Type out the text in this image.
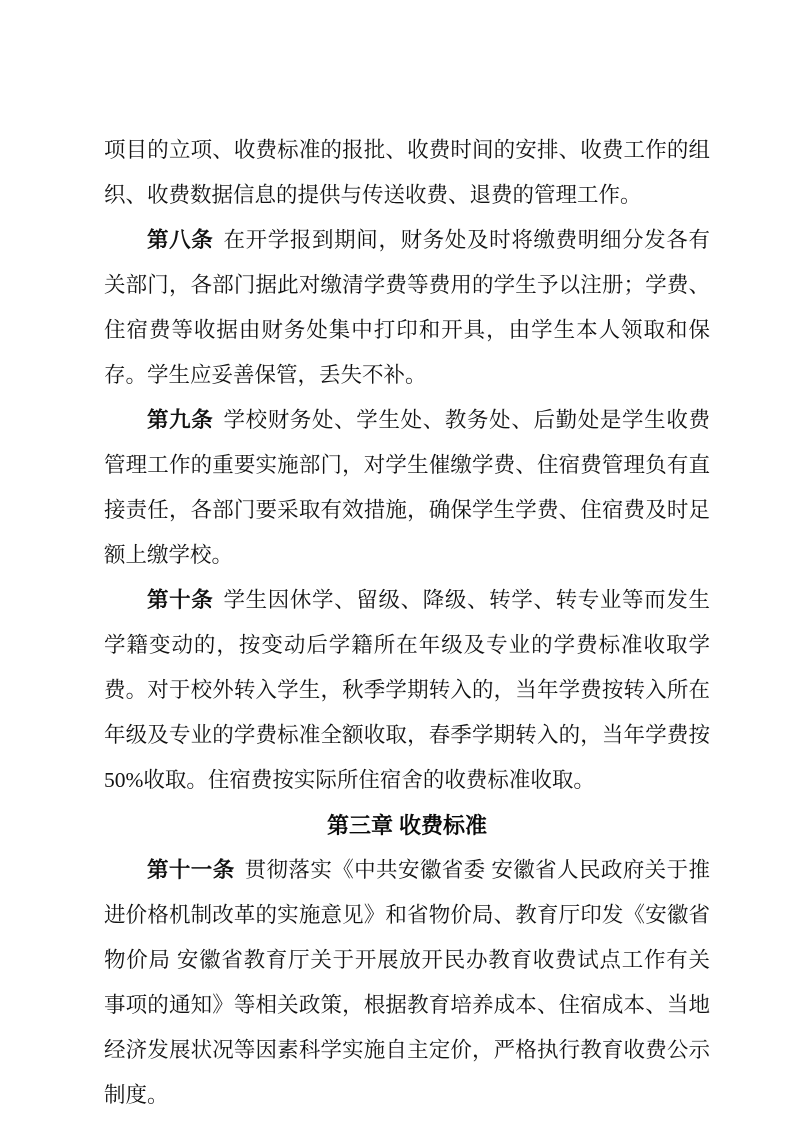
项目的立项、收费标准的报批、收费时间的安排、收费工作的组织、收费数据信息的提供与传送收费、退费的管理工作。

第八条 在开学报到期间，财务处及时将缴费明细分发各有关部门，各部门据此对缴清学费等费用的学生予以注册；学费、住宿费等收据由财务处集中打印和开具，由学生本人领取和保存。学生应妥善保管，丢失不补。

第九条 学校财务处、学生处、教务处、后勤处是学生收费管理工作的重要实施部门，对学生催缴学费、住宿费管理负有直接责任，各部门要采取有效措施，确保学生学费、住宿费及时足额上缴学校。

第十条 学生因休学、留级、降级、转学、转专业等而发生学籍变动的，按变动后学籍所在年级及专业的学费标准收取学费。对于校外转入学生，秋季学期转入的，当年学费按转入所在年级及专业的学费标准全额收取，春季学期转入的，当年学费按 50%收取。住宿费按实际所住宿舍的收费标准收取。

第三章 收费标准

第十一条 贯彻落实《中共安徽省委 安徽省人民政府关于推进价格机制改革的实施意见》和省物价局、教育厅印发《安徽省物价局 安徽省教育厅关于开展放开民办教育收费试点工作有关事项的通知》等相关政策，根据教育培养成本、住宿成本、当地经济发展状况等因素科学实施自主定价，严格执行教育收费公示制度。
